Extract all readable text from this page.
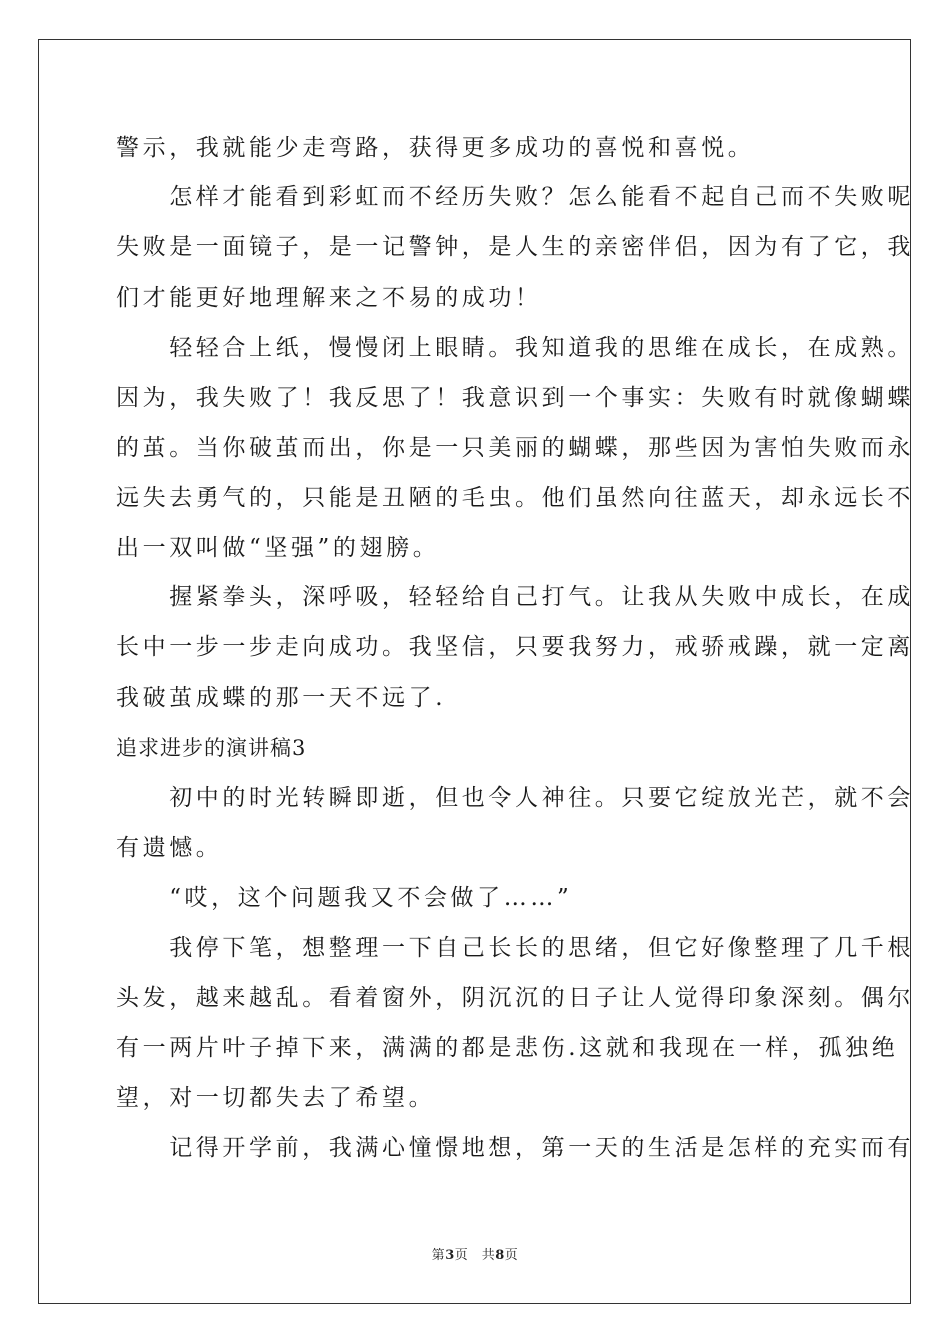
警示，我就能少走弯路，获得更多成功的喜悦和喜悦。
　　怎样才能看到彩虹而不经历失败？怎么能看不起自己而不失败呢
失败是一面镜子，是一记警钟，是人生的亲密伴侣，因为有了它，我
们才能更好地理解来之不易的成功！
　　轻轻合上纸，慢慢闭上眼睛。我知道我的思维在成长，在成熟。
因为，我失败了！我反思了！我意识到一个事实：失败有时就像蝴蝶
的茧。当你破茧而出，你是一只美丽的蝴蝶，那些因为害怕失败而永
远失去勇气的，只能是丑陋的毛虫。他们虽然向往蓝天，却永远长不
出一双叫做“坚强”的翅膀。
　　握紧拳头，深呼吸，轻轻给自己打气。让我从失败中成长，在成
长中一步一步走向成功。我坚信，只要我努力，戒骄戒躁，就一定离
我破茧成蝶的那一天不远了.
追求进步的演讲稿3
　　初中的时光转瞬即逝，但也令人神往。只要它绽放光芒，就不会
有遗憾。
　　“哎，这个问题我又不会做了……”
　　我停下笔，想整理一下自己长长的思绪，但它好像整理了几千根
头发，越来越乱。看着窗外，阴沉沉的日子让人觉得印象深刻。偶尔
有一两片叶子掉下来，满满的都是悲伤.这就和我现在一样，孤独绝
望，对一切都失去了希望。
　　记得开学前，我满心憧憬地想，第一天的生活是怎样的充实而有
第3页　共8页
